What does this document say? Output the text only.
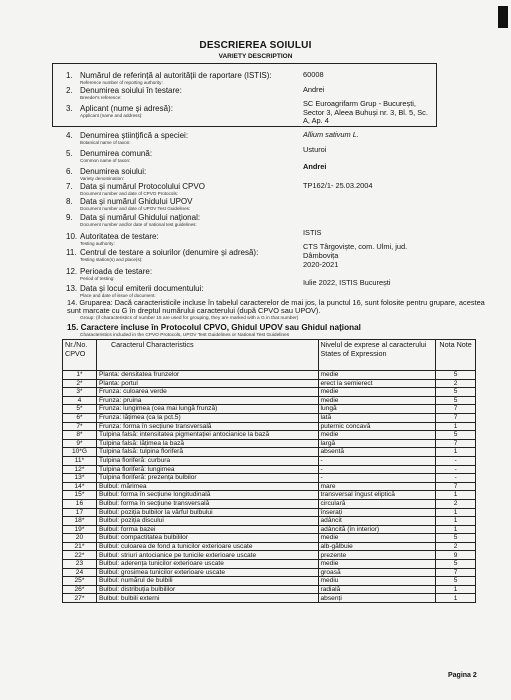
DESCRIEREA SOIULUI
VARIETY DESCRIPTION
1. Numărul de referință al autorității de raportare (ISTIS):
Reference number of reporting authority:
60008
2. Denumirea soiului în testare:
Breeder's reference:
Andrei
3. Aplicant (nume și adresă):
Applicant (name and address):
SC Euroagrifarm Grup - București, Sector 3, Aleea Buhuși nr. 3, Bl. 5, Sc. A, Ap. 4
4. Denumirea științifică a speciei:
Botanical name of taxon:
Allium sativum L.
5. Denumirea comună:
Common name of taxon:
Usturoi
6. Denumirea soiului:
Variety denomination:
Andrei
7. Data și numărul Protocolului CPVO
Document number and date of CPVO Protocols:
TP162/1- 25.03.2004
8. Data și numărul Ghidului UPOV
Document number and date of UPOV Test Guidelines:
9. Data și numărul Ghidului național:
Document number and/or date of national test guidelines:
10. Autoritatea de testare:
Testing authority:
ISTIS
11. Centrul de testare a soiurilor (denumire și adresă):
Testing station(s) and place(s):
CTS Târgoviște, com. Ulmi, jud. Dâmbovița
12. Perioada de testare:
Period of testing:
2020-2021
13. Data și locul emiterii documentului:
Place and date of issue of document:
Iulie 2022, ISTIS București
14. Gruparea: Dacă caracteristicile incluse în tabelul caracterelor de mai jos, la punctul 16, sunt folosite pentru grupare, acestea sunt marcate cu G în dreptul numărului caracterului (după CPVO sau UPOV).
Group: (if characteristics of number 15 are used for grouping, they are marked with a G in that number)
15. Caractere incluse în Protocolul CPVO, Ghidul UPOV sau Ghidul național
Characteristics included in the CPVO Protocols, UPOV Test Guidelines or National Test Guidelines
Nr./No. CPVO	Caracterul Characteristics	Nivelul de exprese al caracterului States of Expression	Nota Note
1*	Planta: densitatea frunzelor	medie	5
2*	Planta: portul	erect la semierect	2
3*	Frunza: culoarea verde	medie	5
4	Frunza: pruina	medie	5
5*	Frunza: lungimea (cea mai lungă frunză)	lungă	7
6*	Frunza: lățimea (ca la pct.5)	lată	7
7*	Frunza: forma în secțiune transversală	puternic concavă	1
8*	Tulpina falsă: intensitatea pigmentației antocianice la bază	medie	5
9*	Tulpina falsă: lățimea la bază	largă	7
10*G	Tulpina falsă: tulpina floriferă	absentă	1
11*	Tulpina floriferă: curbura	-	-
12*	Tulpina floriferă: lungimea	-	-
13*	Tulpina floriferă: prezența bulbilor	-	-
14*	Bulbul: mărimea	mare	7
15*	Bulbul: forma în secțiune longitudinală	transversal îngust eliptică	1
16	Bulbul: forma în secțiune transversală	circulară	2
17	Bulbul: poziția bulbilor la vârful bulbului	înserați	1
18*	Bulbul: poziția discului	adâncit	1
19*	Bulbul: forma bazei	adâncită (în interior)	1
20	Bulbul: compactitatea bulbililor	medie	5
21*	Bulbul: culoarea de fond a tunicilor exterioare uscate	alb-gălbuie	2
22*	Bulbul: striuri antocianice pe tunicile exterioare uscate	prezente	9
23	Bulbul: aderența tunicilor exterioare uscate	medie	5
24	Bulbul: grosimea tunicilor exterioare uscate	groasă	7
25*	Bulbul: numărul de bulbili	mediu	5
26*	Bulbul: distribuția bulbililor	radială	1
27*	Bulbul: bulbili externi	absenți	1
Pagina 2
